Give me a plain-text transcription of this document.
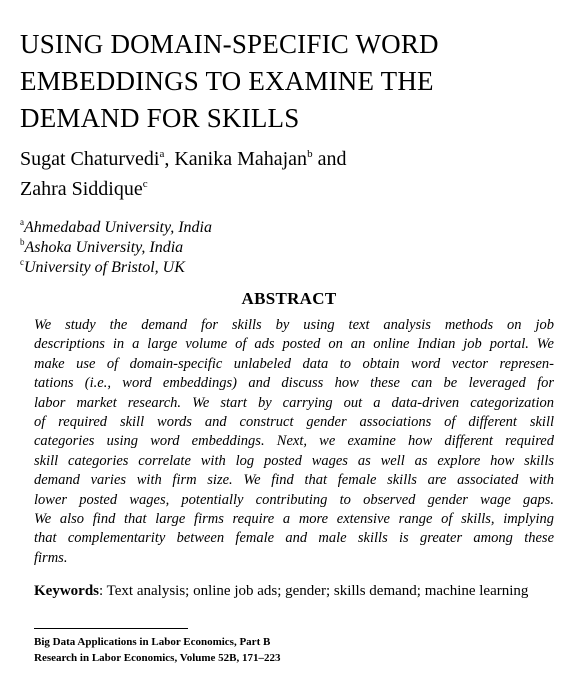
USING DOMAIN-SPECIFIC WORD
EMBEDDINGS TO EXAMINE THE
DEMAND FOR SKILLS
Sugat Chaturvedi$^a$, Kanika Mahajan$^b$ and
Zahra Siddique$^c$
$^a$Ahmedabad University, India
$^b$Ashoka University, India
$^c$University of Bristol, UK
ABSTRACT
We study the demand for skills by using text analysis methods on job
descriptions in a large volume of ads posted on an online Indian job portal. We
make use of domain-specific unlabeled data to obtain word vector represen-
tations (i.e., word embeddings) and discuss how these can be leveraged for
labor market research. We start by carrying out a data-driven categorization
of required skill words and construct gender associations of different skill
categories using word embeddings. Next, we examine how different required
skill categories correlate with log posted wages as well as explore how skills
demand varies with firm size. We find that female skills are associated with
lower posted wages, potentially contributing to observed gender wage gaps.
We also find that large firms require a more extensive range of skills, implying
that complementarity between female and male skills is greater among these
firms.
Keywords: Text analysis; online job ads; gender; skills demand; machine learning
Big Data Applications in Labor Economics, Part B
Research in Labor Economics, Volume 52B, 171–223
